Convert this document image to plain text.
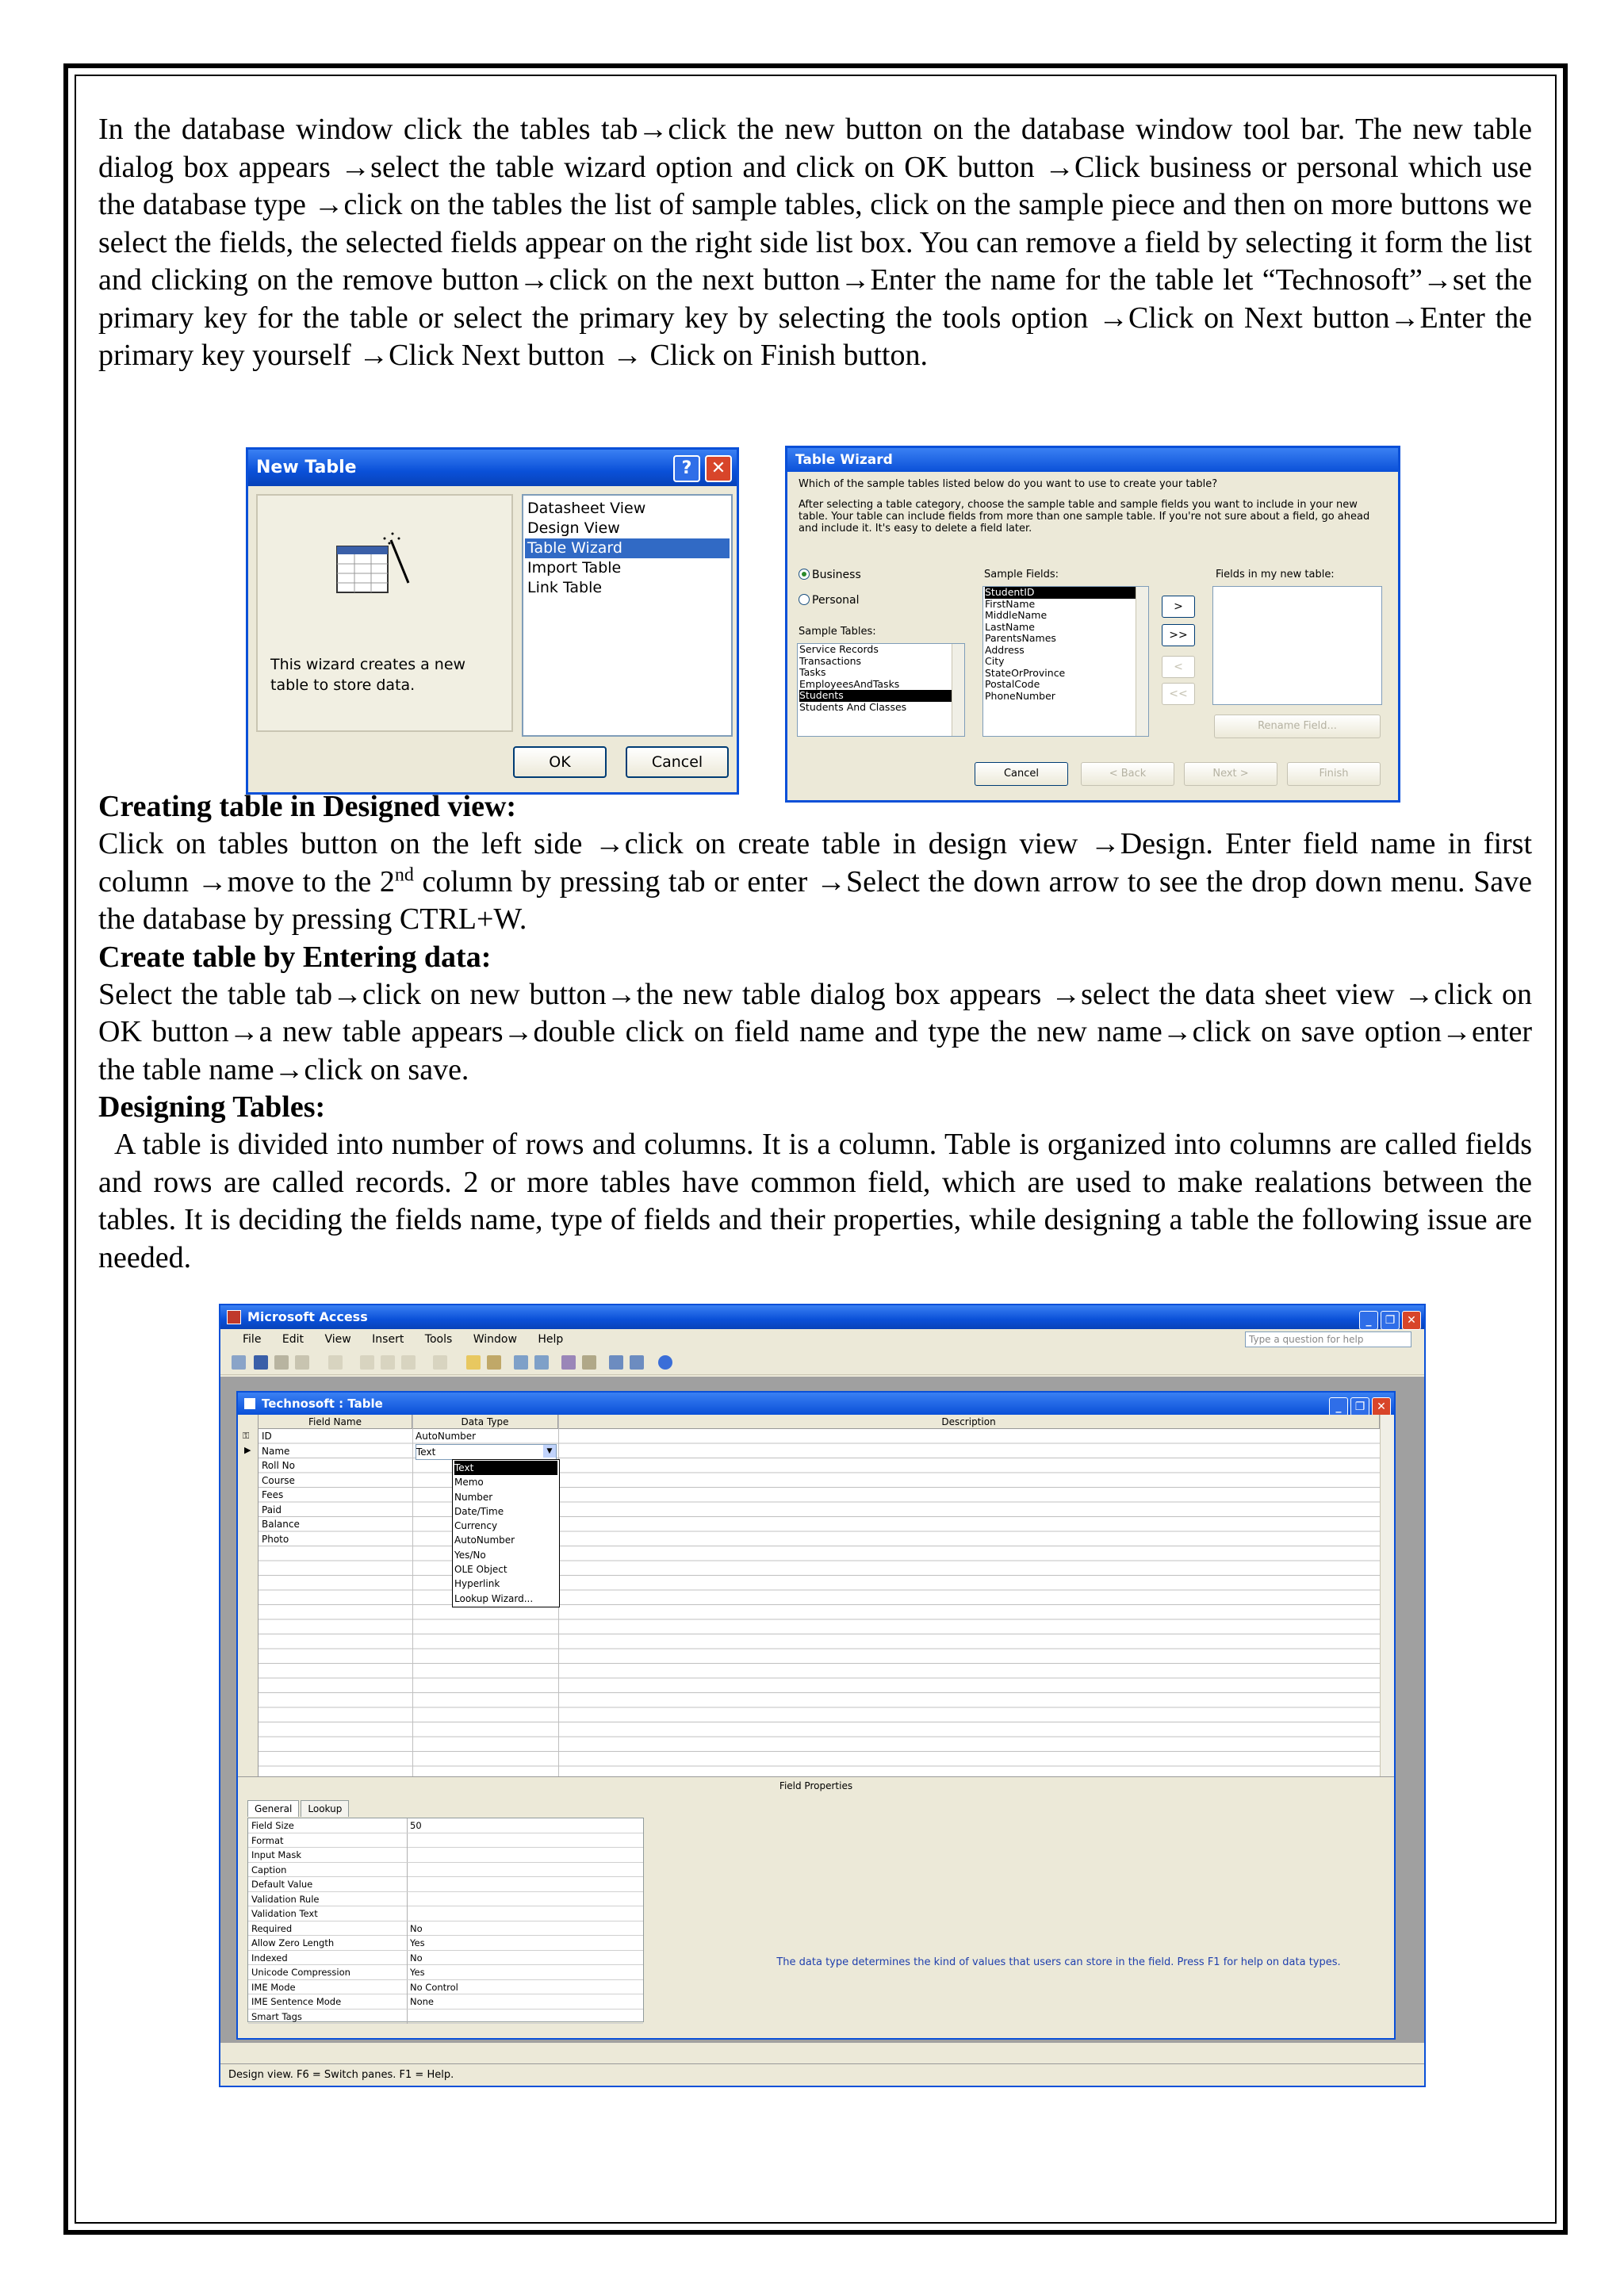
In the database window click the tables tab→click the new button on the database window tool bar. The new table dialog box appears →select the table wizard option and click on OK button →Click business or personal which use the database type →click on the tables the list of sample tables, click on the sample piece and then on more buttons we select the fields, the selected fields appear on the right side list box. You can remove a field by selecting it form the list and clicking on the remove button→click on the next button→Enter the name for the table let “Technosoft”→set the primary key for the table or select the primary key by selecting the tools option →Click on Next button→Enter the primary key yourself →Click Next button → Click on Finish button.

New Table	?	✕
This wizard creates a new table to store data.
Datasheet View
Design View
Table Wizard
Import Table
Link Table
OK	Cancel
Table Wizard
Which of the sample tables listed below do you want to use to create your table?
After selecting a table category, choose the sample table and sample fields you want to include in your new table. Your table can include fields from more than one sample table. If you're not sure about a field, go ahead and include it. It's easy to delete a field later.
Business
Personal
Sample Tables:
Service Records
Transactions
Tasks
EmployeesAndTasks
Students
Students And Classes
Sample Fields:
StudentID
FirstName
MiddleName
LastName
ParentsNames
Address
City
StateOrProvince
PostalCode
PhoneNumber
>
>>
<
<<
Fields in my new table:
Rename Field...
Cancel	< Back	Next >	Finish
Creating table in Designed view:

Click on tables button on the left side →click on create table in design view →Design. Enter field name in first column →move to the 2nd column by pressing tab or enter →Select the down arrow to see the drop down menu. Save the database by pressing CTRL+W.

Create table by Entering data:

Select the table tab→click on new button→the new table dialog box appears →select the data sheet view →click on OK button→a new table appears→double click on field name and type the new name→click on save option→enter the table name→click on save.

Designing Tables:

A table is divided into number of rows and columns. It is a column. Table is organized into columns are called fields and rows are called records. 2 or more tables have common field, which are used to make realations between the tables. It is deciding the fields name, type of fields and their properties, while designing a table the following issue are needed.

Microsoft Access	_ ❐ ✕
File Edit View Insert Tools Window Help	Type a question for help
Technosoft : Table	_ ❐ ✕
Field Name	Data Type	Description
⚿
▶
ID	AutoNumber
Name	Text	▼
Roll No
Course
Fees
Paid
Balance
Photo
Text
Memo
Number
Date/Time
Currency
AutoNumber
Yes/No
OLE Object
Hyperlink
Lookup Wizard...
Field Properties
General Lookup
Field Size	50
Format
Input Mask
Caption
Default Value
Validation Rule
Validation Text
Required	No
Allow Zero Length	Yes
Indexed	No
Unicode Compression	Yes
IME Mode	No Control
IME Sentence Mode	None
Smart Tags
The data type determines the kind of values that users can store in the field. Press F1 for help on data types.
Design view. F6 = Switch panes. F1 = Help.
